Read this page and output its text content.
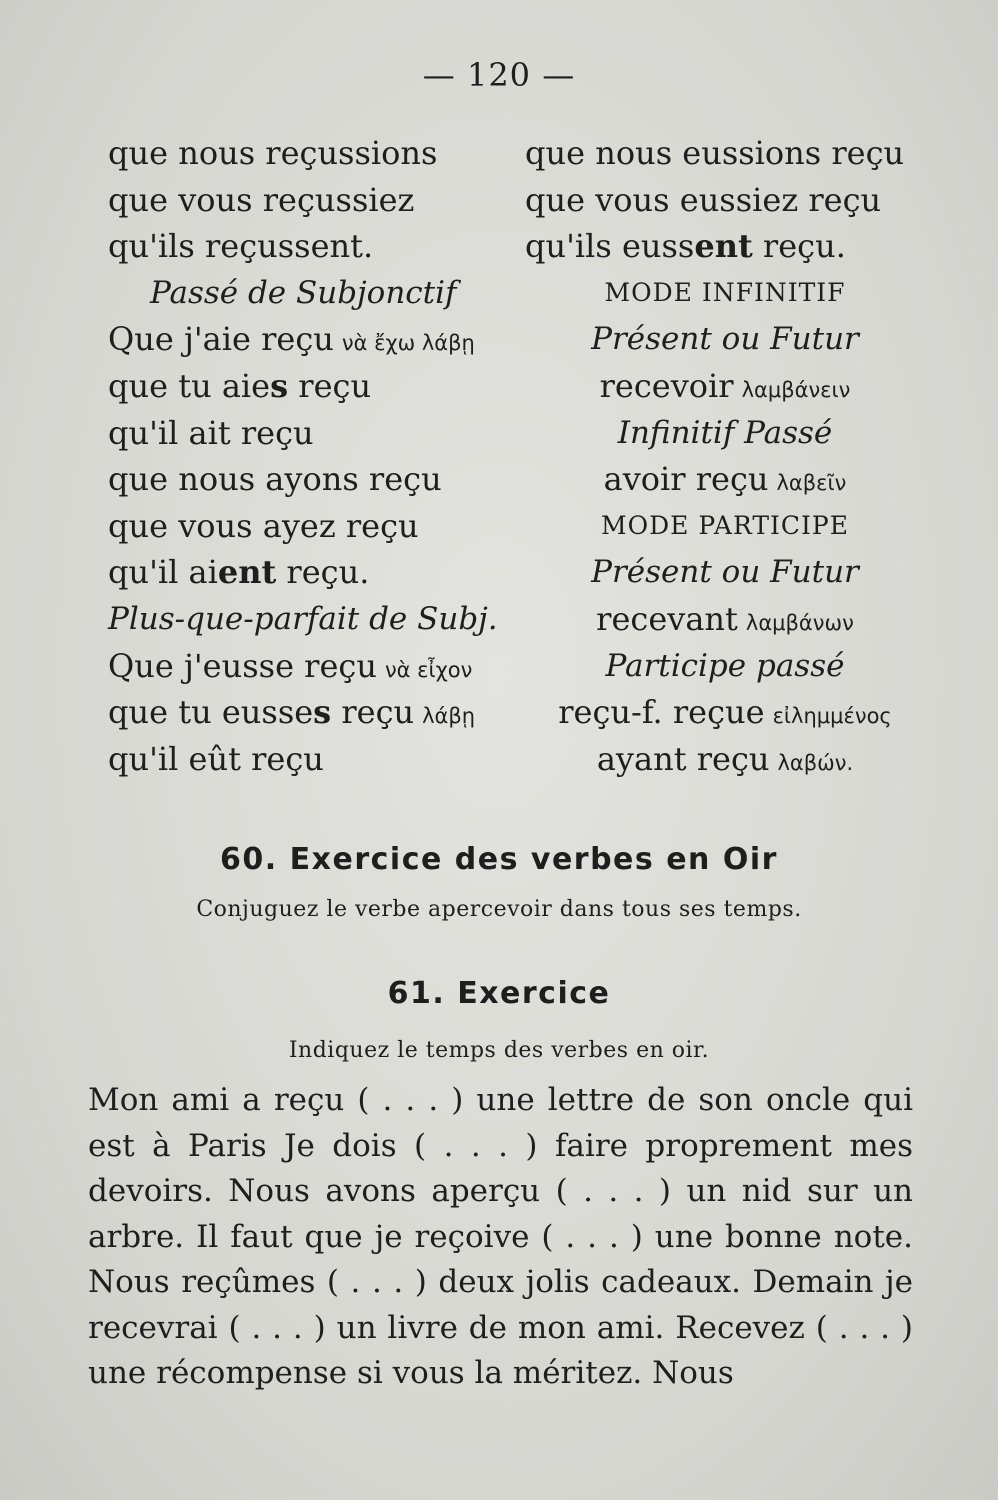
— 120 —
que nous reçussions
que vous reçussiez
qu'ils reçussent.
Passé de Subjonctif
Que j'aie reçu νὰ ἔχω λάβῃ
que tu aies reçu
qu'il ait reçu
que nous ayons reçu
que vous ayez reçu
qu'il aient reçu.
Plus-que-parfait de Subj.
Que j'eusse reçu νὰ εἶχον
que tu eusses reçu λάβῃ
qu'il eût reçu
que nous eussions reçu
que vous eussiez reçu
qu'ils eussent reçu.
MODE INFINITIF
Présent ou Futur
recevoir λαμβάνειν
Infinitif Passé
avoir reçu λαβεῖν
MODE PARTICIPE
Présent ou Futur
recevant λαμβάνων
Participe passé
reçu-f. reçue εἰλημμένος
ayant reçu λαβών.
60. Exercice des verbes en Oir
Conjuguez le verbe apercevoir dans tous ses temps.
61. Exercice
Indiquez le temps des verbes en oir.

Mon ami a reçu ( . . . ) une lettre de son oncle qui est à Paris Je dois ( . . . ) faire proprement mes devoirs. Nous avons aperçu ( . . . ) un nid sur un arbre. Il faut que je reçoive ( . . . ) une bonne note. Nous reçûmes ( . . . ) deux jolis cadeaux. Demain je recevrai ( . . . ) un livre de mon ami. Recevez ( . . . ) une récompense si vous la méritez. Nous
